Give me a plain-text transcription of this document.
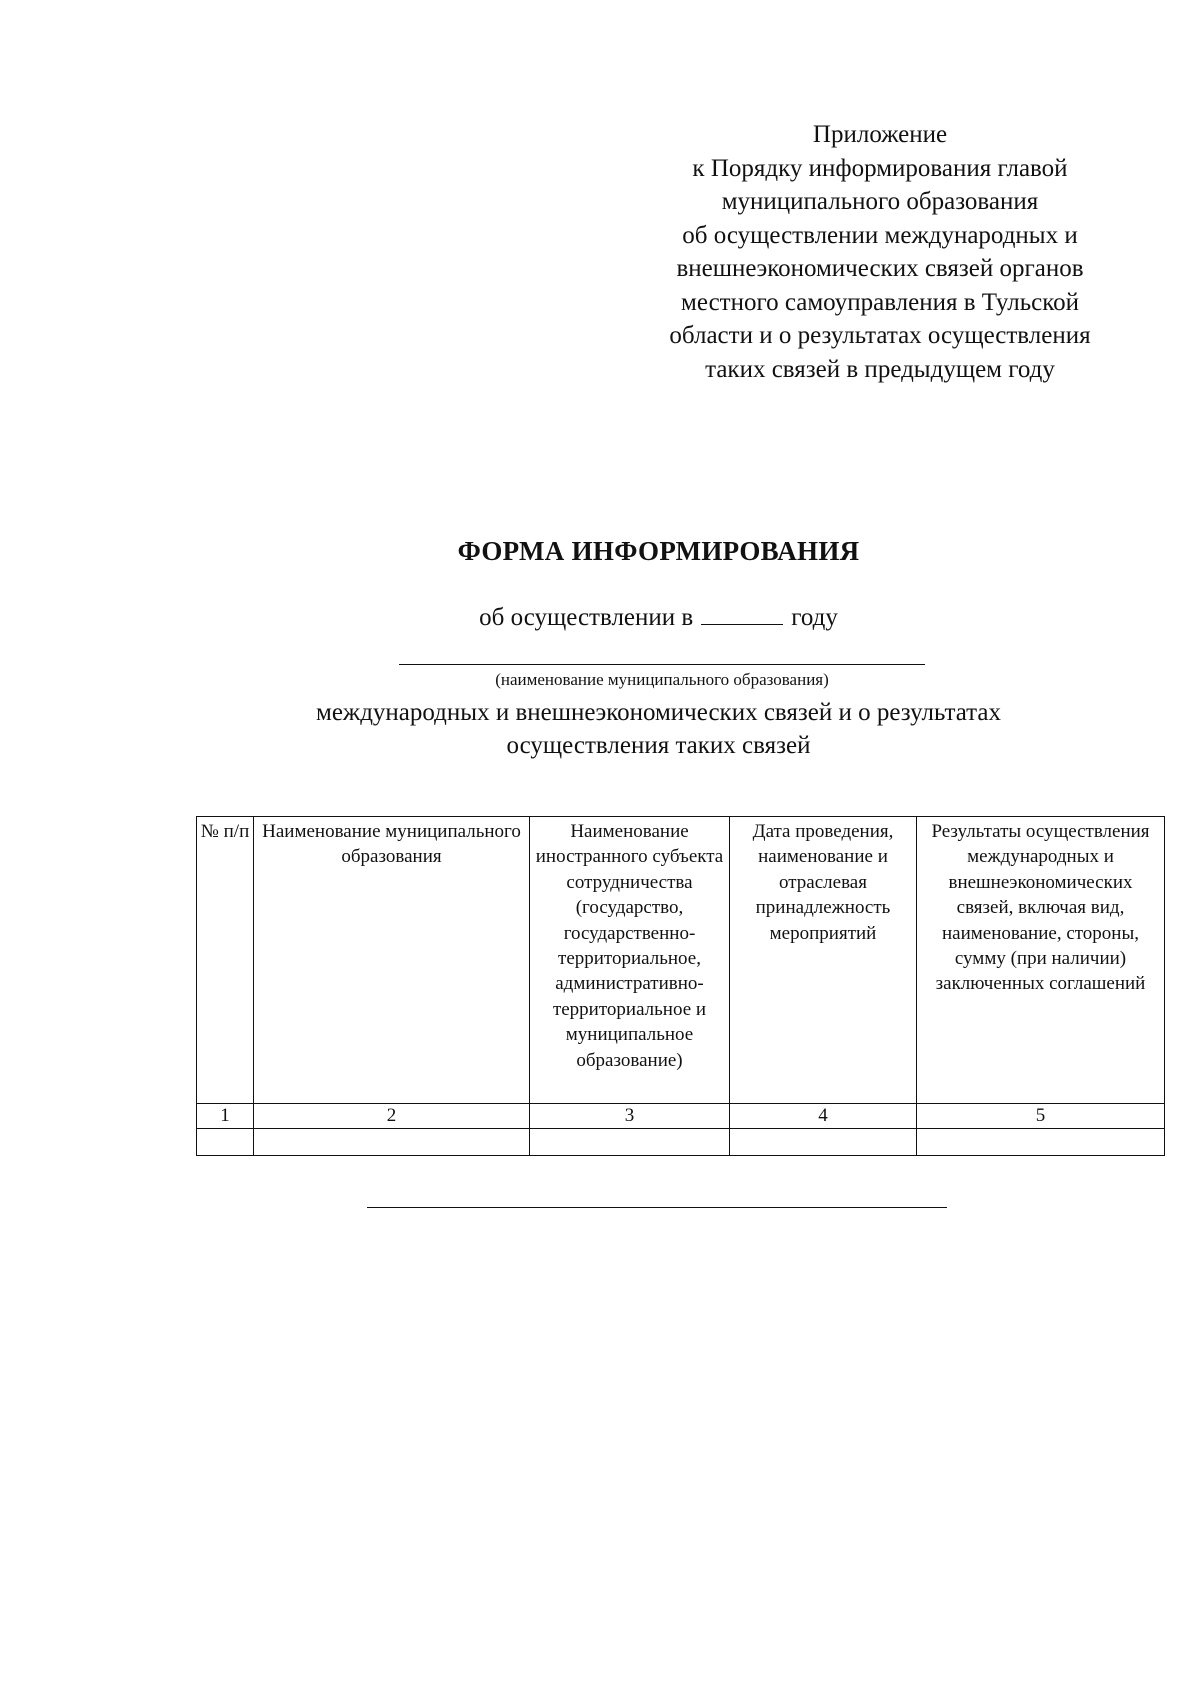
Приложение
к Порядку информирования главой
муниципального образования
об осуществлении международных и
внешнеэкономических связей органов
местного самоуправления в Тульской
области и о результатах осуществления
таких связей в предыдущем году
ФОРМА ИНФОРМИРОВАНИЯ
об осуществлении в	году
(наименование муниципального образования)
международных и внешнеэкономических связей и о результатах
осуществления таких связей
№ п/п	Наименование муниципального образования	Наименование иностранного субъекта сотрудничества (государство, государственно-территориальное, административно-территориальное и муниципальное образование)	Дата проведения, наименование и отраслевая принадлежность мероприятий	Результаты осуществления международных и внешнеэкономических связей, включая вид, наименование, стороны, сумму (при наличии) заключенных соглашений
1	2	3	4	5
